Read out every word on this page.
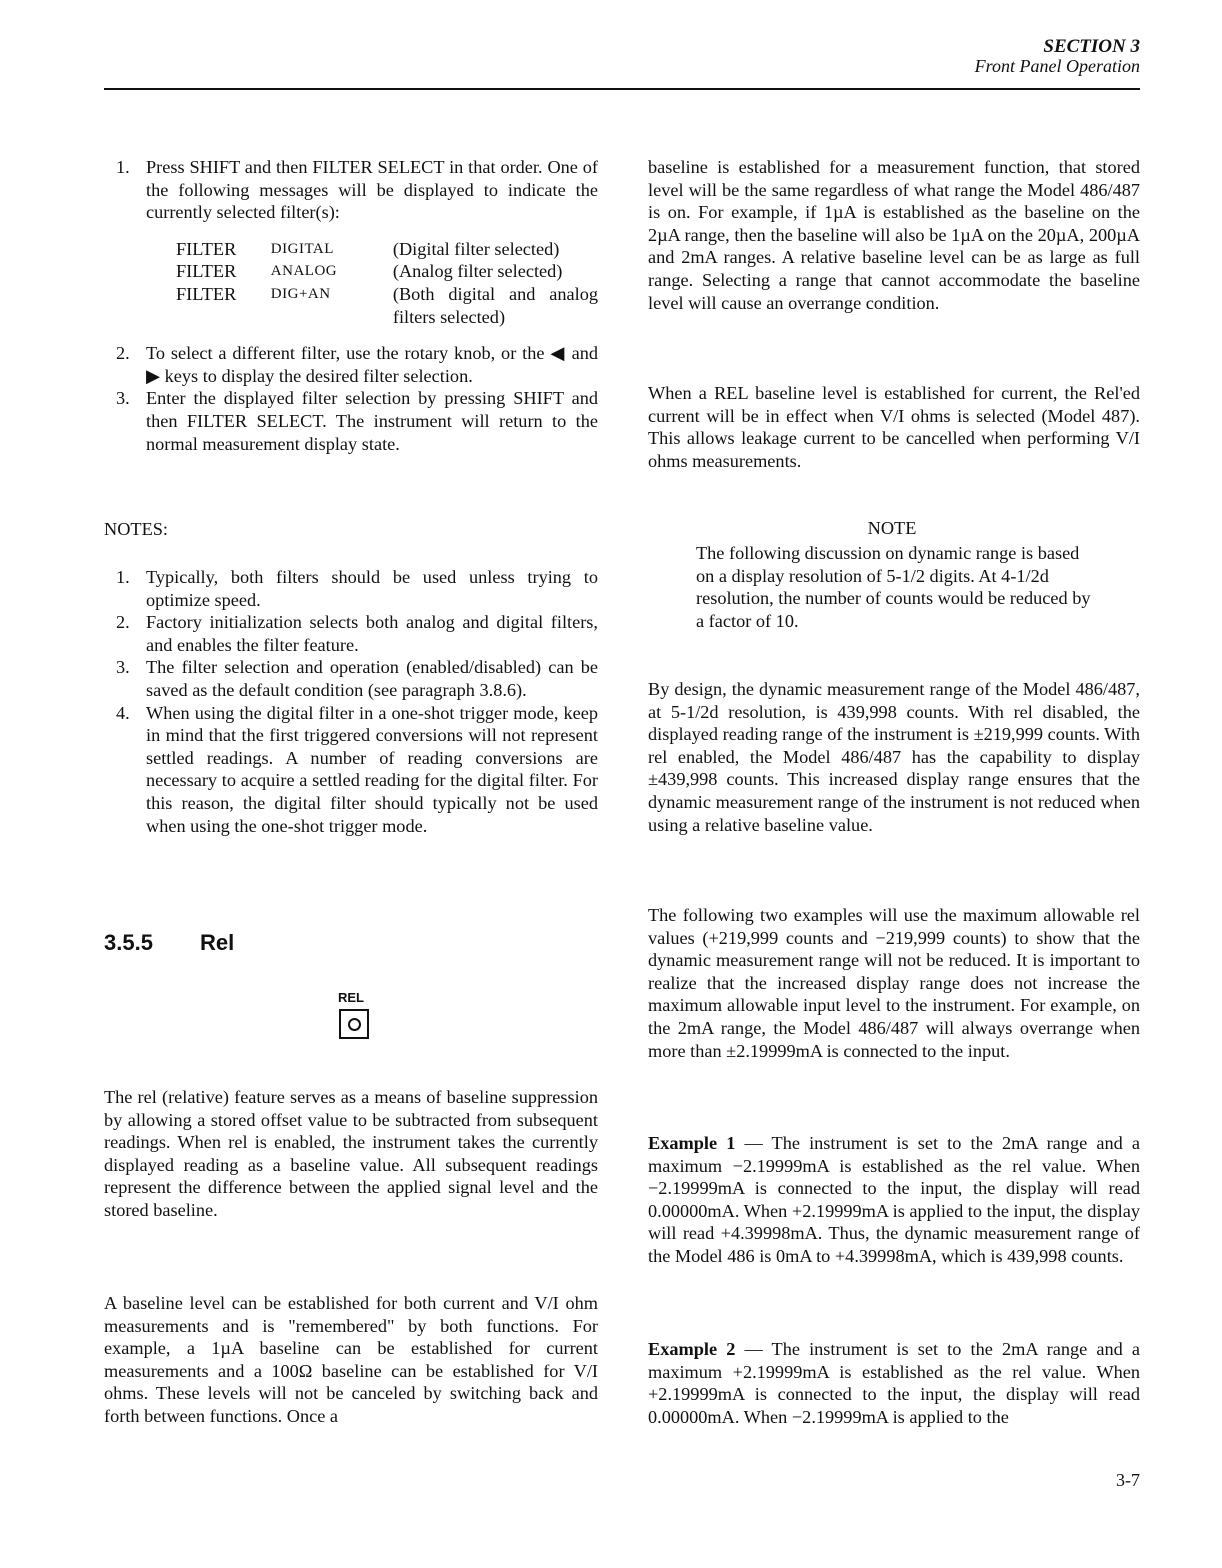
SECTION 3
Front Panel Operation
1. Press SHIFT and then FILTER SELECT in that order. One of the following messages will be displayed to indicate the currently selected filter(s):
FILTER	DIGITAL	(Digital filter selected)
FILTER	ANALOG	(Analog filter selected)
FILTER	DIG+AN	(Both digital and analog filters selected)
2. To select a different filter, use the rotary knob, or the ◀ and ▶ keys to display the desired filter selection.
3. Enter the displayed filter selection by pressing SHIFT and then FILTER SELECT. The instrument will return to the normal measurement display state.
NOTES:
1. Typically, both filters should be used unless trying to optimize speed.
2. Factory initialization selects both analog and digital filters, and enables the filter feature.
3. The filter selection and operation (enabled/disabled) can be saved as the default condition (see paragraph 3.8.6).
4. When using the digital filter in a one-shot trigger mode, keep in mind that the first triggered conversions will not represent settled readings. A number of reading conversions are necessary to acquire a settled reading for the digital filter. For this reason, the digital filter should typically not be used when using the one-shot trigger mode.
3.5.5 Rel
REL
The rel (relative) feature serves as a means of baseline suppression by allowing a stored offset value to be subtracted from subsequent readings. When rel is enabled, the instrument takes the currently displayed reading as a baseline value. All subsequent readings represent the difference between the applied signal level and the stored baseline.
A baseline level can be established for both current and V/I ohm measurements and is "remembered" by both functions. For example, a 1µA baseline can be established for current measurements and a 100Ω baseline can be established for V/I ohms. These levels will not be canceled by switching back and forth between functions. Once a
baseline is established for a measurement function, that stored level will be the same regardless of what range the Model 486/487 is on. For example, if 1µA is established as the baseline on the 2µA range, then the baseline will also be 1µA on the 20µA, 200µA and 2mA ranges. A relative baseline level can be as large as full range. Selecting a range that cannot accommodate the baseline level will cause an overrange condition.
When a REL baseline level is established for current, the Rel'ed current will be in effect when V/I ohms is selected (Model 487). This allows leakage current to be cancelled when performing V/I ohms measurements.
NOTE
The following discussion on dynamic range is based on a display resolution of 5-1/2 digits. At 4-1/2d resolution, the number of counts would be reduced by a factor of 10.
By design, the dynamic measurement range of the Model 486/487, at 5-1/2d resolution, is 439,998 counts. With rel disabled, the displayed reading range of the instrument is ±219,999 counts. With rel enabled, the Model 486/487 has the capability to display ±439,998 counts. This increased display range ensures that the dynamic measurement range of the instrument is not reduced when using a relative baseline value.
The following two examples will use the maximum allowable rel values (+219,999 counts and −219,999 counts) to show that the dynamic measurement range will not be reduced. It is important to realize that the increased display range does not increase the maximum allowable input level to the instrument. For example, on the 2mA range, the Model 486/487 will always overrange when more than ±2.19999mA is connected to the input.
Example 1 — The instrument is set to the 2mA range and a maximum −2.19999mA is established as the rel value. When −2.19999mA is connected to the input, the display will read 0.00000mA. When +2.19999mA is applied to the input, the display will read +4.39998mA. Thus, the dynamic measurement range of the Model 486 is 0mA to +4.39998mA, which is 439,998 counts.
Example 2 — The instrument is set to the 2mA range and a maximum +2.19999mA is established as the rel value. When +2.19999mA is connected to the input, the display will read 0.00000mA. When −2.19999mA is applied to the
3-7
